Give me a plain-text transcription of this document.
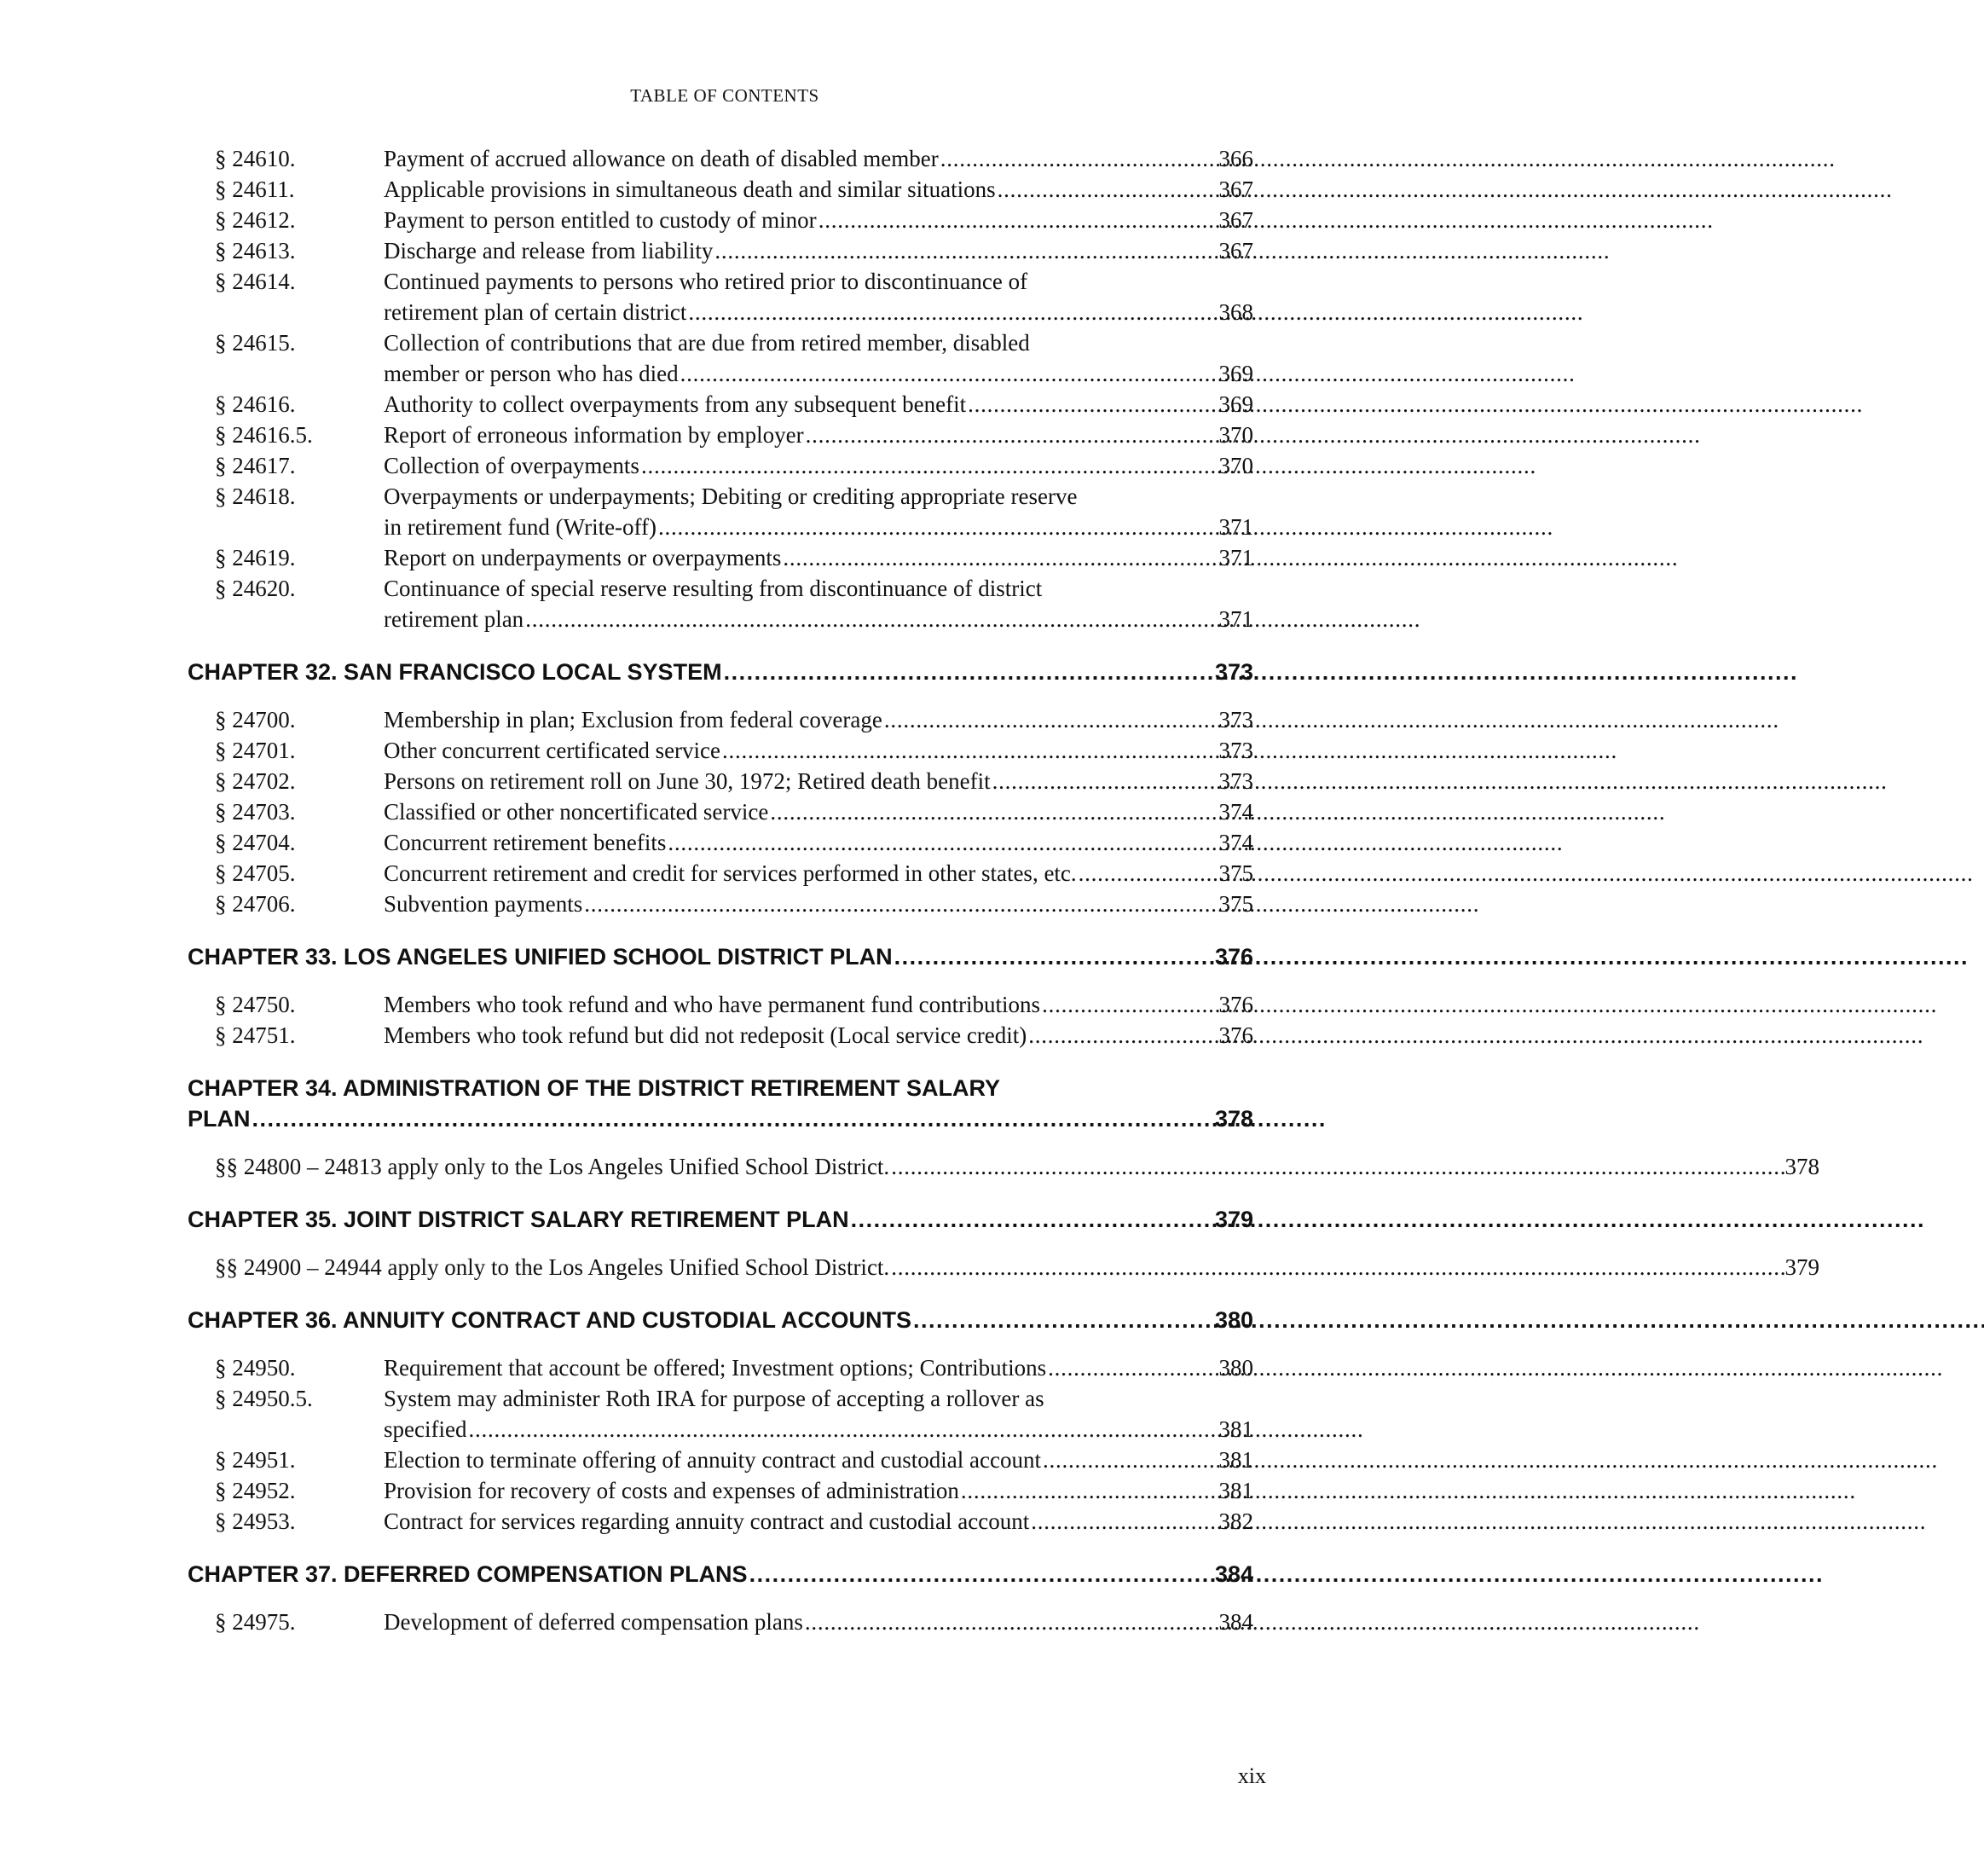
TABLE OF CONTENTS
§ 24610.	Payment of accrued allowance on death of disabled member . . .	366
§ 24611.	Applicable provisions in simultaneous death and similar situations . . .	367
§ 24612.	Payment to person entitled to custody of minor . . .	367
§ 24613.	Discharge and release from liability . . .	367
§ 24614.	Continued payments to persons who retired prior to discontinuance of
retirement plan of certain district . . .	368
§ 24615.	Collection of contributions that are due from retired member, disabled
member or person who has died . . .	369
§ 24616.	Authority to collect overpayments from any subsequent benefit . . .	369
§ 24616.5.	Report of erroneous information by employer . . .	370
§ 24617.	Collection of overpayments . . .	370
§ 24618.	Overpayments or underpayments; Debiting or crediting appropriate reserve
in retirement fund (Write-off) . . .	371
§ 24619.	Report on underpayments or overpayments . . .	371
§ 24620.	Continuance of special reserve resulting from discontinuance of district
retirement plan . . .	371
CHAPTER 32. SAN FRANCISCO LOCAL SYSTEM . . .	373
§ 24700.	Membership in plan; Exclusion from federal coverage . . .	373
§ 24701.	Other concurrent certificated service . . .	373
§ 24702.	Persons on retirement roll on June 30, 1972; Retired death benefit . . .	373
§ 24703.	Classified or other noncertificated service . . .	374
§ 24704.	Concurrent retirement benefits . . .	374
§ 24705.	Concurrent retirement and credit for services performed in other states, etc. . . .	375
§ 24706.	Subvention payments . . .	375
CHAPTER 33. LOS ANGELES UNIFIED SCHOOL DISTRICT PLAN . . .	376
§ 24750.	Members who took refund and who have permanent fund contributions . . .	376
§ 24751.	Members who took refund but did not redeposit (Local service credit) . . .	376
CHAPTER 34. ADMINISTRATION OF THE DISTRICT RETIREMENT SALARY
PLAN . . .	378
§§ 24800 – 24813 apply only to the Los Angeles Unified School District. . . .	378
CHAPTER 35. JOINT DISTRICT SALARY RETIREMENT PLAN . . .	379
§§ 24900 – 24944 apply only to the Los Angeles Unified School District. . . .	379
CHAPTER 36. ANNUITY CONTRACT AND CUSTODIAL ACCOUNTS . . .	380
§ 24950.	Requirement that account be offered; Investment options; Contributions . . .	380
§ 24950.5.	System may administer Roth IRA for purpose of accepting a rollover as
specified . . .	381
§ 24951.	Election to terminate offering of annuity contract and custodial account . . .	381
§ 24952.	Provision for recovery of costs and expenses of administration . . .	381
§ 24953.	Contract for services regarding annuity contract and custodial account . . .	382
CHAPTER 37. DEFERRED COMPENSATION PLANS . . .	384
§ 24975.	Development of deferred compensation plans . . .	384
xix
